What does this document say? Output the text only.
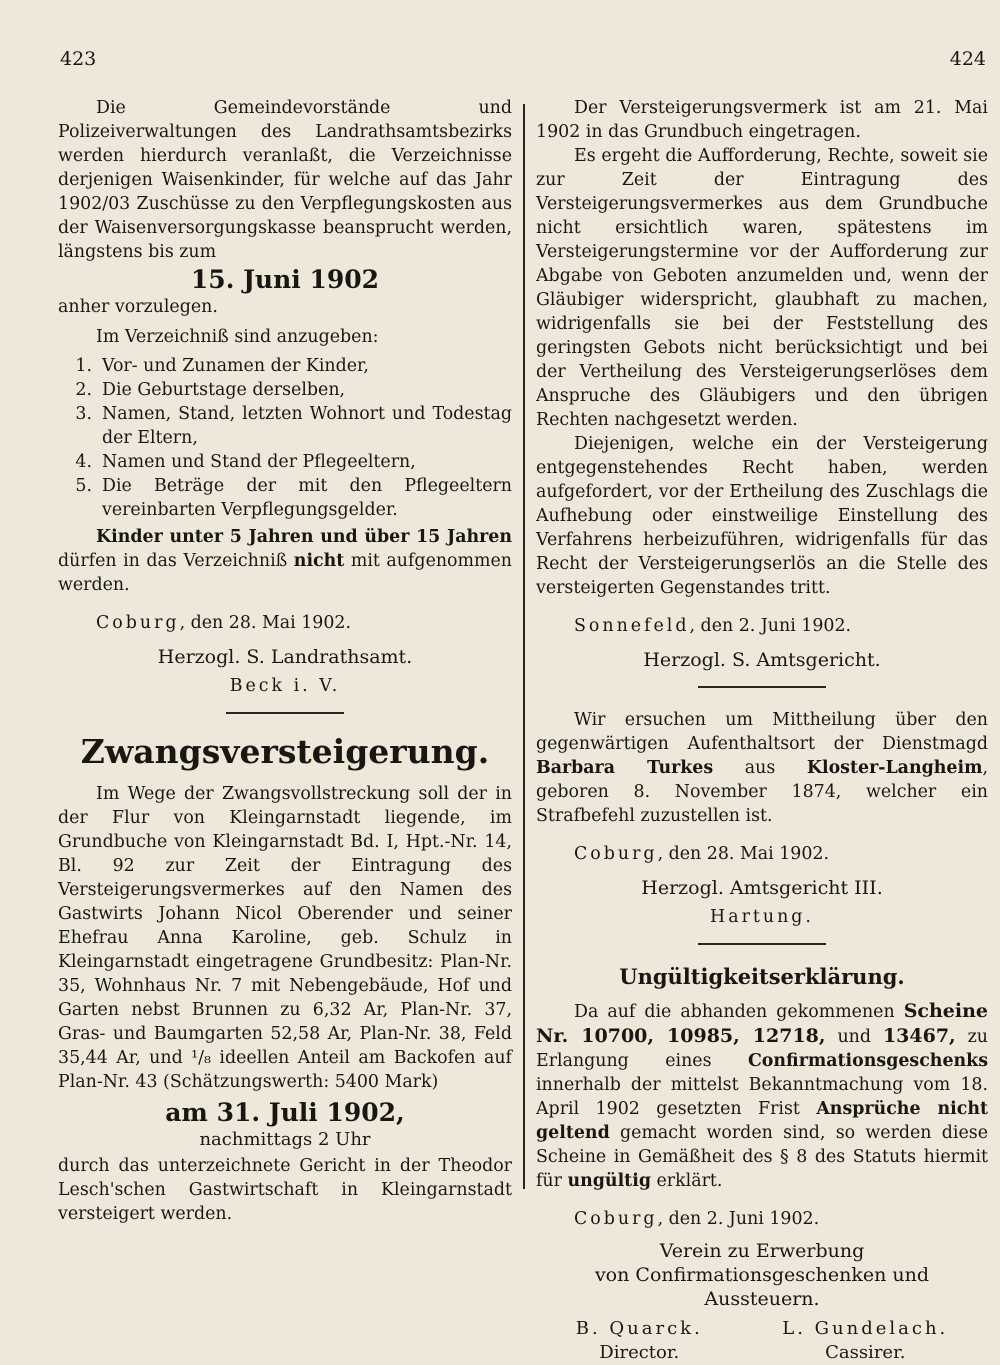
423	424

Die Gemeindevorstände und Polizeiverwaltungen des Landrathsamtsbezirks werden hierdurch veranlaßt, die Verzeichnisse derjenigen Waisenkinder, für welche auf das Jahr 1902/03 Zuschüsse zu den Verpflegungskosten aus der Waisenversorgungskasse beansprucht werden, längstens bis zum

15. Juni 1902

anher vorzulegen.

Im Verzeichniß sind anzugeben:

1. Vor- und Zunamen der Kinder,
2. Die Geburtstage derselben,
3. Namen, Stand, letzten Wohnort und Todestag der Eltern,
4. Namen und Stand der Pflegeeltern,
5. Die Beträge der mit den Pflegeeltern vereinbarten Verpflegungsgelder.

Kinder unter 5 Jahren und über 15 Jahren dürfen in das Verzeichniß nicht mit aufgenommen werden.

Coburg, den 28. Mai 1902.

Herzogl. S. Landrathsamt.

Beck i. V.

Zwangsversteigerung.

Im Wege der Zwangsvollstreckung soll der in der Flur von Kleingarnstadt liegende, im Grundbuche von Kleingarnstadt Bd. I, Hpt.-Nr. 14, Bl. 92 zur Zeit der Eintragung des Versteigerungsvermerkes auf den Namen des Gastwirts Johann Nicol Oberender und seiner Ehefrau Anna Karoline, geb. Schulz in Kleingarnstadt eingetragene Grundbesitz: Plan-Nr. 35, Wohnhaus Nr. 7 mit Nebengebäude, Hof und Garten nebst Brunnen zu 6,32 Ar, Plan-Nr. 37, Gras- und Baumgarten 52,58 Ar, Plan-Nr. 38, Feld 35,44 Ar, und ¹/₈ ideellen Anteil am Backofen auf Plan-Nr. 43 (Schätzungswerth: 5400 Mark)

am 31. Juli 1902,

nachmittags 2 Uhr

durch das unterzeichnete Gericht in der Theodor Lesch'schen Gastwirtschaft in Kleingarnstadt versteigert werden.

Der Versteigerungsvermerk ist am 21. Mai 1902 in das Grundbuch eingetragen.

Es ergeht die Aufforderung, Rechte, soweit sie zur Zeit der Eintragung des Versteigerungsvermerkes aus dem Grundbuche nicht ersichtlich waren, spätestens im Versteigerungstermine vor der Aufforderung zur Abgabe von Geboten anzumelden und, wenn der Gläubiger widerspricht, glaubhaft zu machen, widrigenfalls sie bei der Feststellung des geringsten Gebots nicht berücksichtigt und bei der Vertheilung des Versteigerungserlöses dem Anspruche des Gläubigers und den übrigen Rechten nachgesetzt werden.

Diejenigen, welche ein der Versteigerung entgegenstehendes Recht haben, werden aufgefordert, vor der Ertheilung des Zuschlags die Aufhebung oder einstweilige Einstellung des Verfahrens herbeizuführen, widrigenfalls für das Recht der Versteigerungserlös an die Stelle des versteigerten Gegenstandes tritt.

Sonnefeld, den 2. Juni 1902.

Herzogl. S. Amtsgericht.

Wir ersuchen um Mittheilung über den gegenwärtigen Aufenthaltsort der Dienstmagd Barbara Turkes aus Kloster-Langheim, geboren 8. November 1874, welcher ein Strafbefehl zuzustellen ist.

Coburg, den 28. Mai 1902.

Herzogl. Amtsgericht III.

Hartung.

Ungültigkeitserklärung.

Da auf die abhanden gekommenen Scheine Nr. 10700, 10985, 12718, und 13467, zu Erlangung eines Confirmationsgeschenks innerhalb der mittelst Bekanntmachung vom 18. April 1902 gesetzten Frist Ansprüche nicht geltend gemacht worden sind, so werden diese Scheine in Gemäßheit des § 8 des Statuts hiermit für ungültig erklärt.

Coburg, den 2. Juni 1902.

Verein zu Erwerbung

von Confirmationsgeschenken und Aussteuern.

B. Quarck.
Director.
L. Gundelach.
Cassirer.
